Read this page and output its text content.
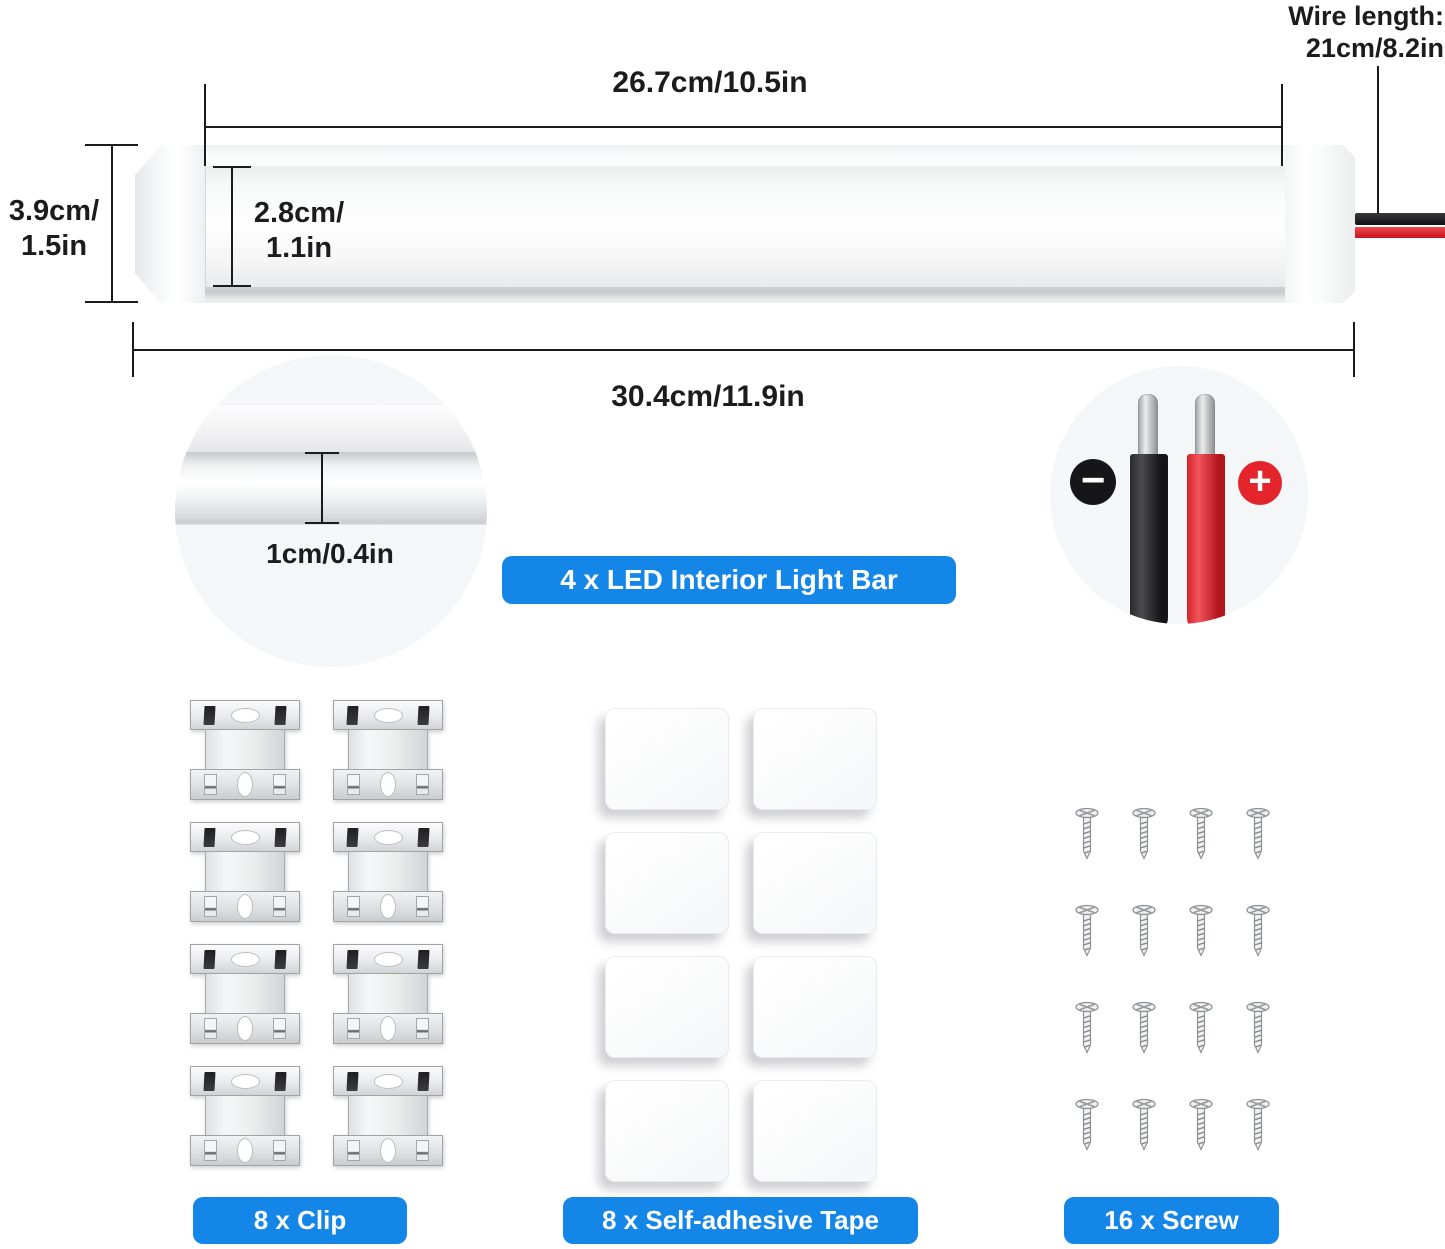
26.7cm/10.5in
Wire length:
21cm/8.2in
3.9cm/
1.5in
2.8cm/
1.1in
30.4cm/11.9in
1cm/0.4in
−	+
4 x LED Interior Light Bar
8 x Clip	8 x Self-adhesive Tape	16 x Screw
